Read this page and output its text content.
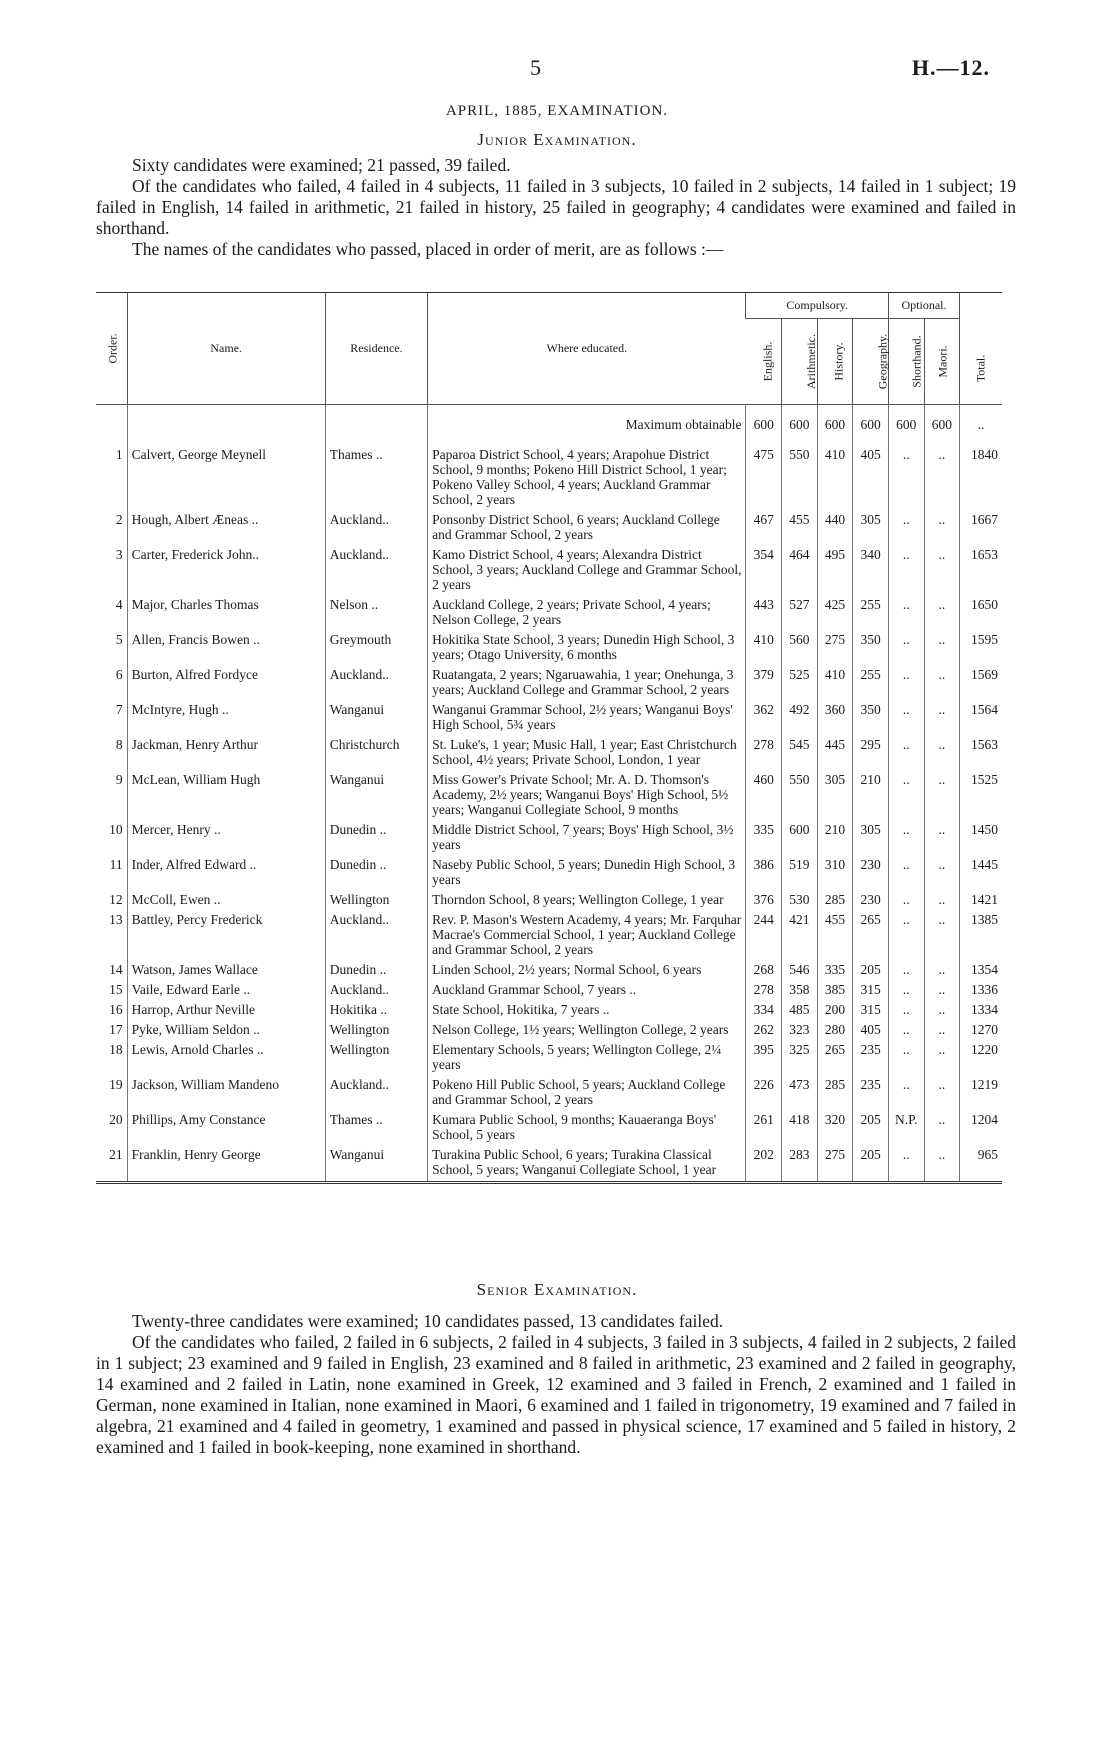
5	H.—12.
APRIL, 1885, EXAMINATION.
Junior Examination.

Sixty candidates were examined; 21 passed, 39 failed.

Of the candidates who failed, 4 failed in 4 subjects, 11 failed in 3 subjects, 10 failed in 2 subjects, 14 failed in 1 subject; 19 failed in English, 14 failed in arithmetic, 21 failed in history, 25 failed in geography; 4 candidates were examined and failed in shorthand.

The names of the candidates who passed, placed in order of merit, are as follows :—

Order.	Name.	Residence.	Where educated.	Compulsory.				Optional.		Total.
				English.	Arithmetic.	History.	Geography.	Shorthand.	Maori.	
			Maximum obtainable	600	600	600	600	600	600	..
1	Calvert, George Meynell	Thames ..	Paparoa District School, 4 years; Arapohue District School, 9 months; Pokeno Hill District School, 1 year; Pokeno Valley School, 4 years; Auckland Grammar School, 2 years	475	550	410	405	..	..	1840
2	Hough, Albert Æneas ..	Auckland..	Ponsonby District School, 6 years; Auckland College and Grammar School, 2 years	467	455	440	305	..	..	1667
3	Carter, Frederick John..	Auckland..	Kamo District School, 4 years; Alexandra District School, 3 years; Auckland College and Grammar School, 2 years	354	464	495	340	..	..	1653
4	Major, Charles Thomas	Nelson ..	Auckland College, 2 years; Private School, 4 years; Nelson College, 2 years	443	527	425	255	..	..	1650
5	Allen, Francis Bowen ..	Greymouth	Hokitika State School, 3 years; Dunedin High School, 3 years; Otago University, 6 months	410	560	275	350	..	..	1595
6	Burton, Alfred Fordyce	Auckland..	Ruatangata, 2 years; Ngaruawahia, 1 year; Onehunga, 3 years; Auckland College and Grammar School, 2 years	379	525	410	255	..	..	1569
7	McIntyre, Hugh ..	Wanganui	Wanganui Grammar School, 2½ years; Wanganui Boys' High School, 5¾ years	362	492	360	350	..	..	1564
8	Jackman, Henry Arthur	Christchurch	St. Luke's, 1 year; Music Hall, 1 year; East Christchurch School, 4½ years; Private School, London, 1 year	278	545	445	295	..	..	1563
9	McLean, William Hugh	Wanganui	Miss Gower's Private School; Mr. A. D. Thomson's Academy, 2½ years; Wanganui Boys' High School, 5½ years; Wanganui Collegiate School, 9 months	460	550	305	210	..	..	1525
10	Mercer, Henry ..	Dunedin ..	Middle District School, 7 years; Boys' High School, 3½ years	335	600	210	305	..	..	1450
11	Inder, Alfred Edward ..	Dunedin ..	Naseby Public School, 5 years; Dunedin High School, 3 years	386	519	310	230	..	..	1445
12	McColl, Ewen ..	Wellington	Thorndon School, 8 years; Wellington College, 1 year	376	530	285	230	..	..	1421
13	Battley, Percy Frederick	Auckland..	Rev. P. Mason's Western Academy, 4 years; Mr. Farquhar Macrae's Commercial School, 1 year; Auckland College and Grammar School, 2 years	244	421	455	265	..	..	1385
14	Watson, James Wallace	Dunedin ..	Linden School, 2½ years; Normal School, 6 years	268	546	335	205	..	..	1354
15	Vaile, Edward Earle ..	Auckland..	Auckland Grammar School, 7 years ..	278	358	385	315	..	..	1336
16	Harrop, Arthur Neville	Hokitika ..	State School, Hokitika, 7 years ..	334	485	200	315	..	..	1334
17	Pyke, William Seldon ..	Wellington	Nelson College, 1½ years; Wellington College, 2 years	262	323	280	405	..	..	1270
18	Lewis, Arnold Charles ..	Wellington	Elementary Schools, 5 years; Wellington College, 2¼ years	395	325	265	235	..	..	1220
19	Jackson, William Mandeno	Auckland..	Pokeno Hill Public School, 5 years; Auckland College and Grammar School, 2 years	226	473	285	235	..	..	1219
20	Phillips, Amy Constance	Thames ..	Kumara Public School, 9 months; Kauaeranga Boys' School, 5 years	261	418	320	205	N.P.	..	1204
21	Franklin, Henry George	Wanganui	Turakina Public School, 6 years; Turakina Classical School, 5 years; Wanganui Collegiate School, 1 year	202	283	275	205	..	..	965
Senior Examination.

Twenty-three candidates were examined; 10 candidates passed, 13 candidates failed.

Of the candidates who failed, 2 failed in 6 subjects, 2 failed in 4 subjects, 3 failed in 3 subjects, 4 failed in 2 subjects, 2 failed in 1 subject; 23 examined and 9 failed in English, 23 examined and 8 failed in arithmetic, 23 examined and 2 failed in geography, 14 examined and 2 failed in Latin, none examined in Greek, 12 examined and 3 failed in French, 2 examined and 1 failed in German, none examined in Italian, none examined in Maori, 6 examined and 1 failed in trigonometry, 19 examined and 7 failed in algebra, 21 examined and 4 failed in geometry, 1 examined and passed in physical science, 17 examined and 5 failed in history, 2 examined and 1 failed in book-keeping, none examined in shorthand.
